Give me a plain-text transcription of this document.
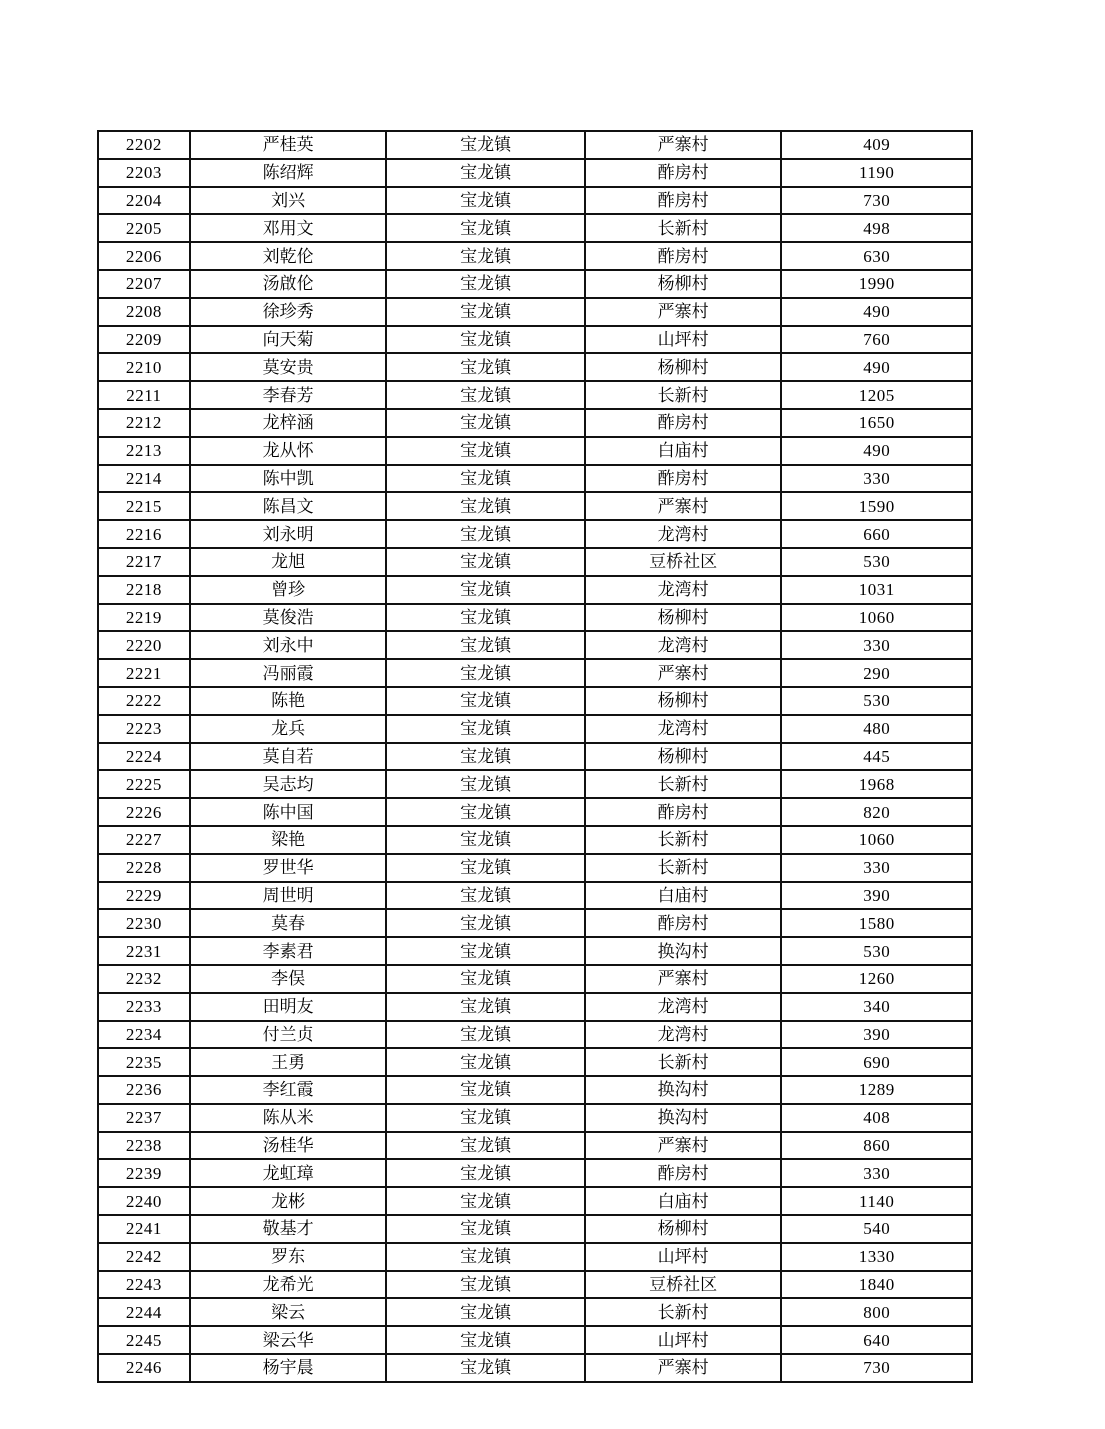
2202	严桂英	宝龙镇	严寨村	409
2203	陈绍辉	宝龙镇	酢房村	1190
2204	刘兴	宝龙镇	酢房村	730
2205	邓用文	宝龙镇	长新村	498
2206	刘乾伦	宝龙镇	酢房村	630
2207	汤啟伦	宝龙镇	杨柳村	1990
2208	徐珍秀	宝龙镇	严寨村	490
2209	向天菊	宝龙镇	山坪村	760
2210	莫安贵	宝龙镇	杨柳村	490
2211	李春芳	宝龙镇	长新村	1205
2212	龙梓涵	宝龙镇	酢房村	1650
2213	龙从怀	宝龙镇	白庙村	490
2214	陈中凯	宝龙镇	酢房村	330
2215	陈昌文	宝龙镇	严寨村	1590
2216	刘永明	宝龙镇	龙湾村	660
2217	龙旭	宝龙镇	豆桥社区	530
2218	曾珍	宝龙镇	龙湾村	1031
2219	莫俊浩	宝龙镇	杨柳村	1060
2220	刘永中	宝龙镇	龙湾村	330
2221	冯丽霞	宝龙镇	严寨村	290
2222	陈艳	宝龙镇	杨柳村	530
2223	龙兵	宝龙镇	龙湾村	480
2224	莫自若	宝龙镇	杨柳村	445
2225	吴志均	宝龙镇	长新村	1968
2226	陈中国	宝龙镇	酢房村	820
2227	梁艳	宝龙镇	长新村	1060
2228	罗世华	宝龙镇	长新村	330
2229	周世明	宝龙镇	白庙村	390
2230	莫春	宝龙镇	酢房村	1580
2231	李素君	宝龙镇	换沟村	530
2232	李俣	宝龙镇	严寨村	1260
2233	田明友	宝龙镇	龙湾村	340
2234	付兰贞	宝龙镇	龙湾村	390
2235	王勇	宝龙镇	长新村	690
2236	李红霞	宝龙镇	换沟村	1289
2237	陈从米	宝龙镇	换沟村	408
2238	汤桂华	宝龙镇	严寨村	860
2239	龙虹璋	宝龙镇	酢房村	330
2240	龙彬	宝龙镇	白庙村	1140
2241	敬基才	宝龙镇	杨柳村	540
2242	罗东	宝龙镇	山坪村	1330
2243	龙希光	宝龙镇	豆桥社区	1840
2244	梁云	宝龙镇	长新村	800
2245	梁云华	宝龙镇	山坪村	640
2246	杨宇晨	宝龙镇	严寨村	730
